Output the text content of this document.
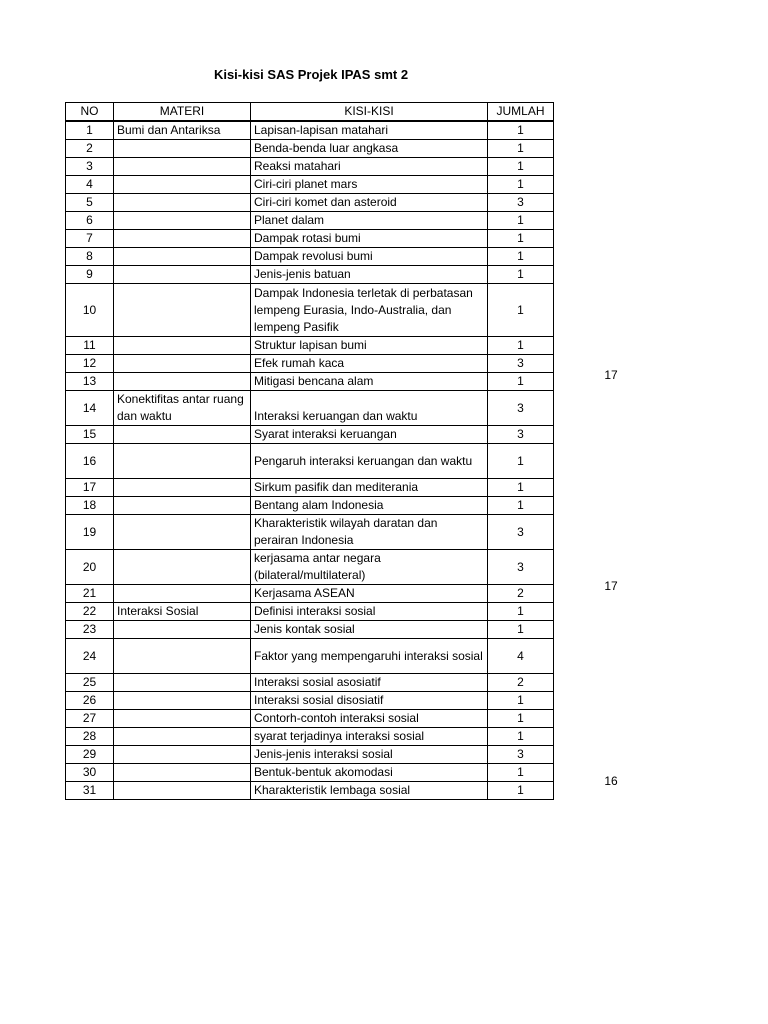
Kisi-kisi SAS Projek IPAS smt 2
NO	MATERI	KISI-KISI	JUMLAH
1	Bumi dan Antariksa	Lapisan-lapisan matahari	1
2		Benda-benda luar angkasa	1
3		Reaksi matahari	1
4		Ciri-ciri planet mars	1
5		Ciri-ciri komet dan asteroid	3
6		Planet dalam	1
7		Dampak rotasi bumi	1
8		Dampak revolusi bumi	1
9		Jenis-jenis batuan	1
10		Dampak Indonesia terletak di perbatasan lempeng Eurasia, Indo-Australia, dan lempeng Pasifik	1
11		Struktur lapisan bumi	1
12		Efek rumah kaca	3
13		Mitigasi bencana alam	1
14	Konektifitas antar ruang dan waktu	Interaksi keruangan dan waktu	3
15		Syarat interaksi keruangan	3
16		Pengaruh interaksi keruangan dan waktu	1
17		Sirkum pasifik dan mediterania	1
18		Bentang alam Indonesia	1
19		Kharakteristik wilayah daratan dan perairan Indonesia	3
20		kerjasama antar negara (bilateral/multilateral)	3
21		Kerjasama ASEAN	2
22	Interaksi Sosial	Definisi interaksi sosial	1
23		Jenis kontak sosial	1
24		Faktor yang mempengaruhi interaksi sosial	4
25		Interaksi sosial asosiatif	2
26		Interaksi sosial disosiatif	1
27		Contorh-contoh interaksi sosial	1
28		syarat terjadinya interaksi sosial	1
29		Jenis-jenis interaksi sosial	3
30		Bentuk-bentuk akomodasi	1
31		Kharakteristik lembaga sosial	1
17
17
16
